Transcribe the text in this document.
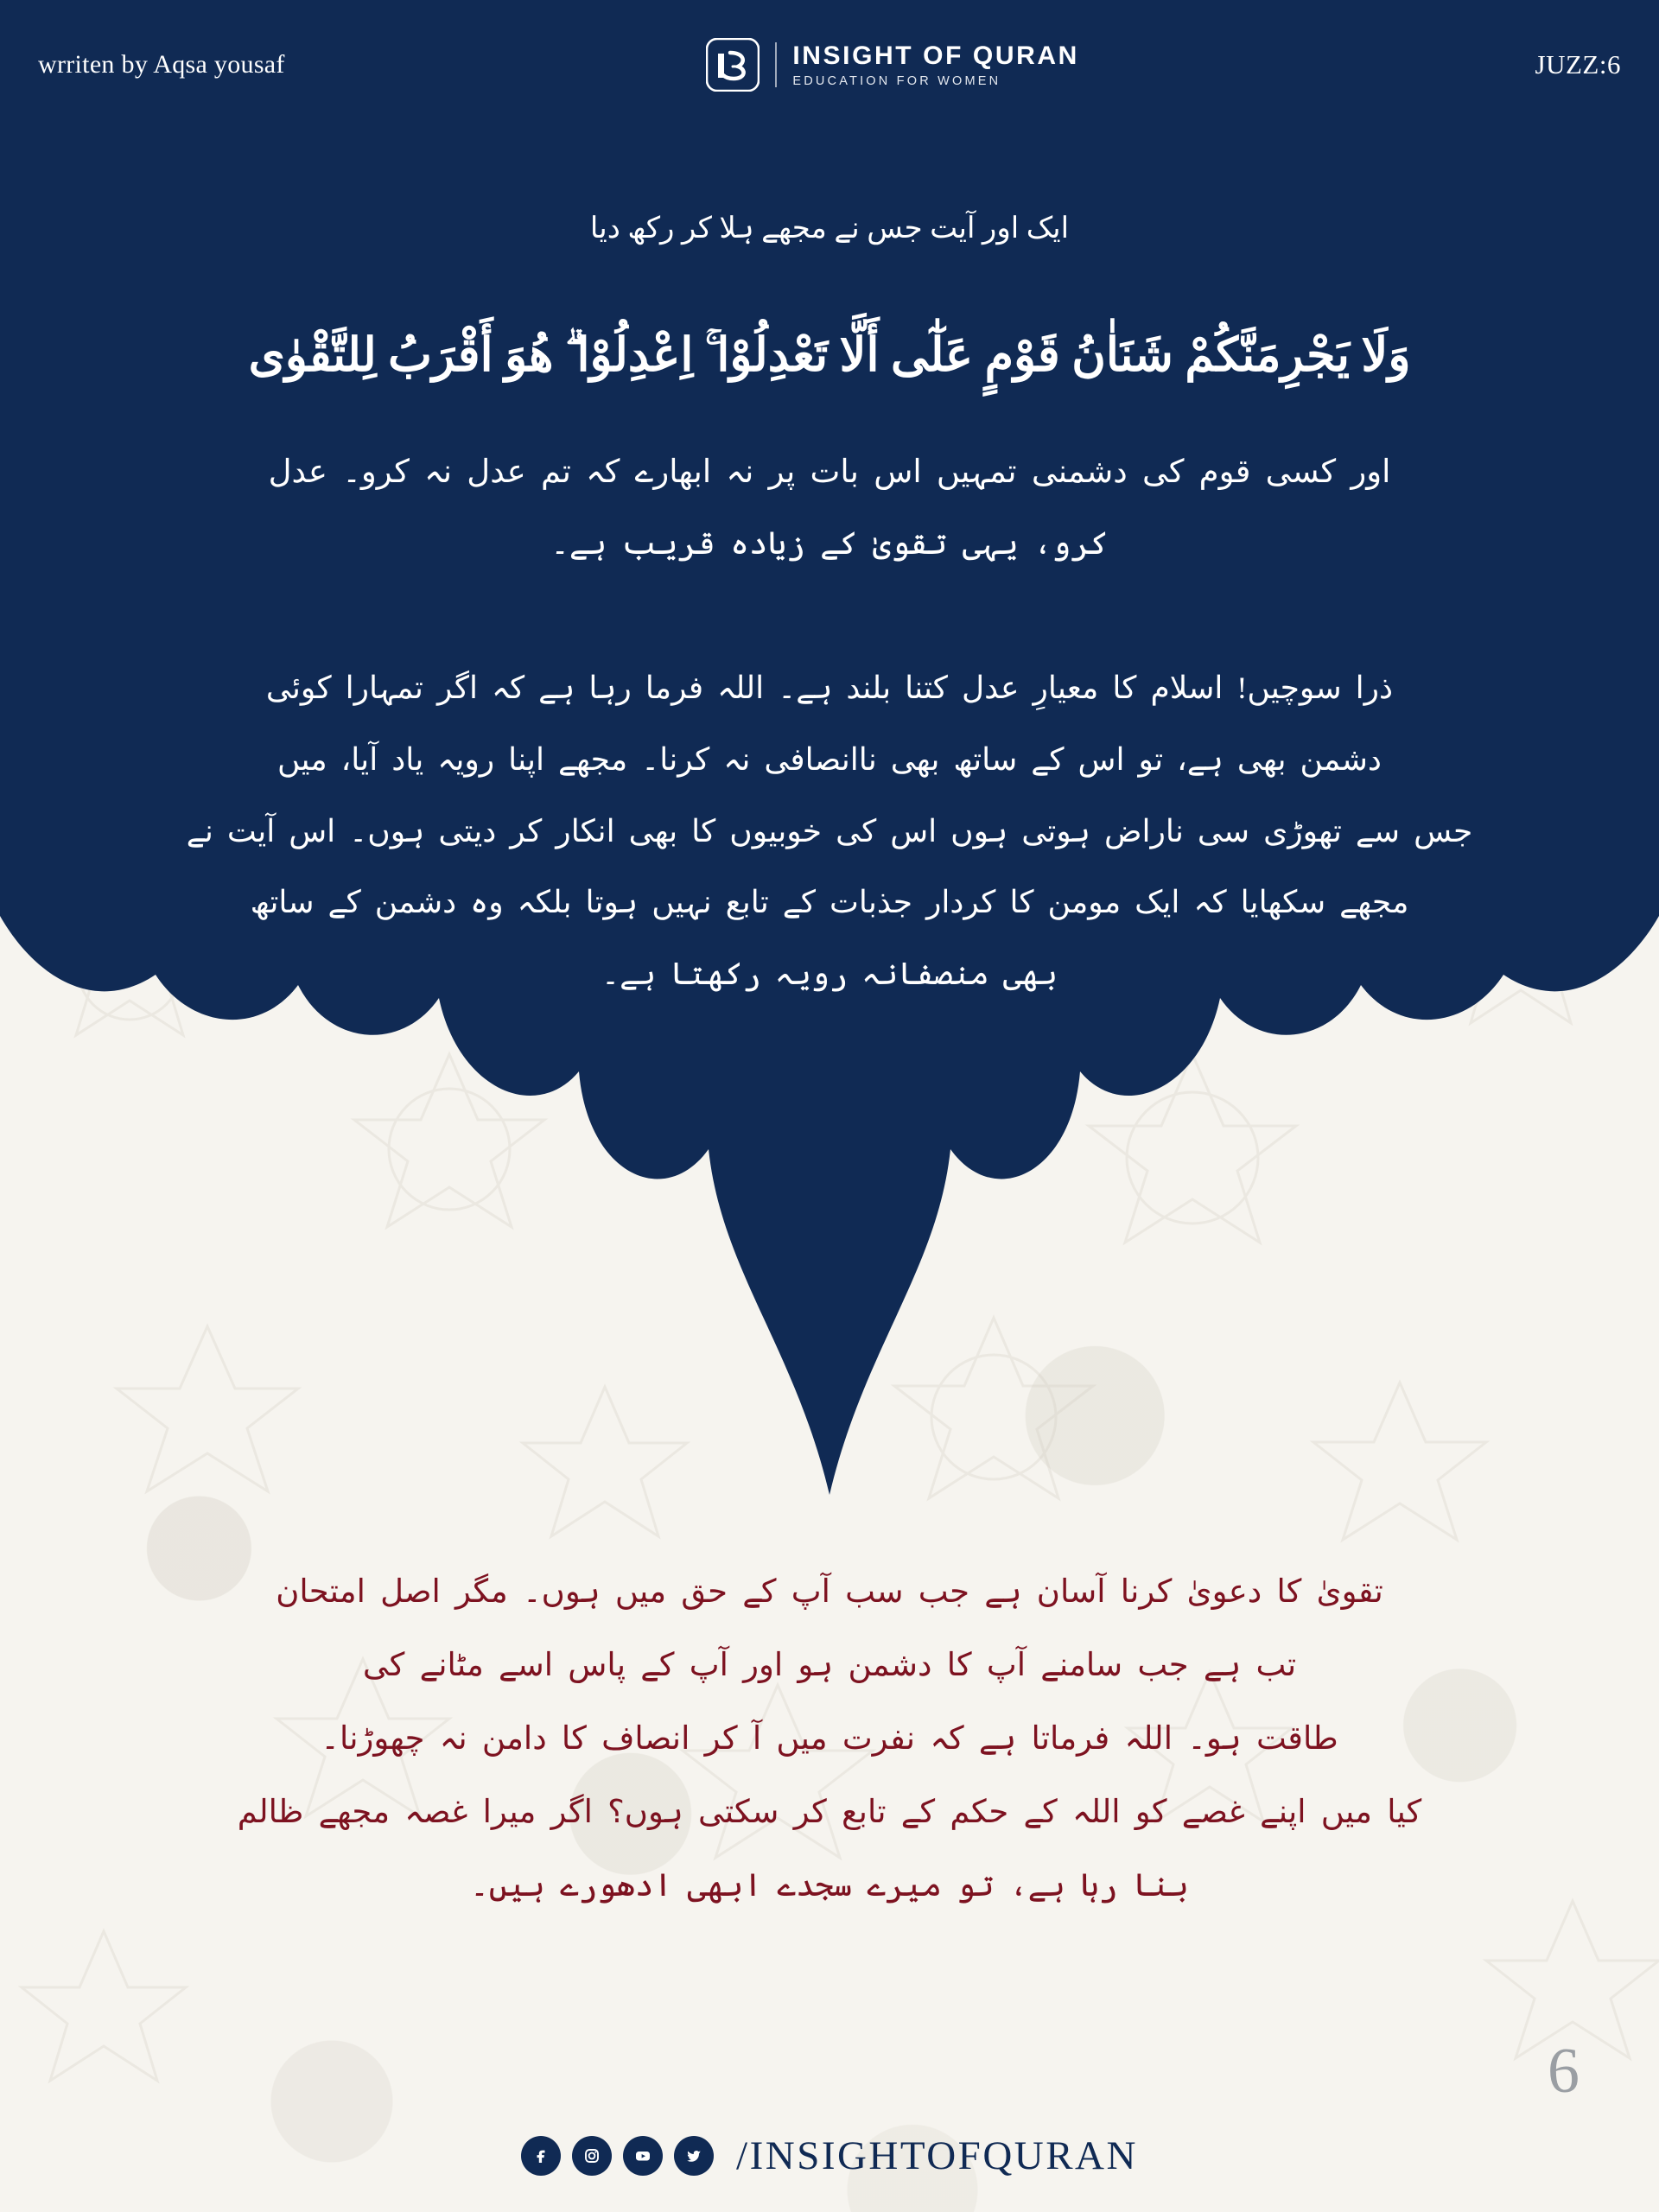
wrriten by Aqsa yousaf	INSIGHT OF QURAN
EDUCATION FOR WOMEN
JUZZ:6
ایک اور آیت جس نے مجھے ہلا کر رکھ دیا
وَلَا يَجْرِمَنَّكُمْ شَنَاٰنُ قَوْمٍ عَلٰٓى أَلَّا تَعْدِلُوْا ۚ اِعْدِلُوْا ۗ هُوَ أَقْرَبُ لِلتَّقْوٰى
اور کسی قوم کی دشمنی تمہیں اس بات پر نہ ابھارے کہ تم عدل نہ کرو۔ عدل
کرو، یہی تقویٰ کے زیادہ قریب ہے۔
ذرا سوچیں! اسلام کا معیارِ عدل کتنا بلند ہے۔ اللہ فرما رہا ہے کہ اگر تمہارا کوئی
دشمن بھی ہے، تو اس کے ساتھ بھی ناانصافی نہ کرنا۔ مجھے اپنا رویہ یاد آیا، میں
جس سے تھوڑی سی ناراض ہوتی ہوں اس کی خوبیوں کا بھی انکار کر دیتی ہوں۔ اس آیت نے
مجھے سکھایا کہ ایک مومن کا کردار جذبات کے تابع نہیں ہوتا بلکہ وہ دشمن کے ساتھ
بھی منصفانہ رویہ رکھتا ہے۔
تقویٰ کا دعویٰ کرنا آسان ہے جب سب آپ کے حق میں ہوں۔ مگر اصل امتحان
تب ہے جب سامنے آپ کا دشمن ہو اور آپ کے پاس اسے مٹانے کی
طاقت ہو۔ اللہ فرماتا ہے کہ نفرت میں آ کر انصاف کا دامن نہ چھوڑنا۔
کیا میں اپنے غصے کو اللہ کے حکم کے تابع کر سکتی ہوں؟ اگر میرا غصہ مجھے ظالم
بنا رہا ہے، تو میرے سجدے ابھی ادھورے ہیں۔
6
/INSIGHTOFQURAN
